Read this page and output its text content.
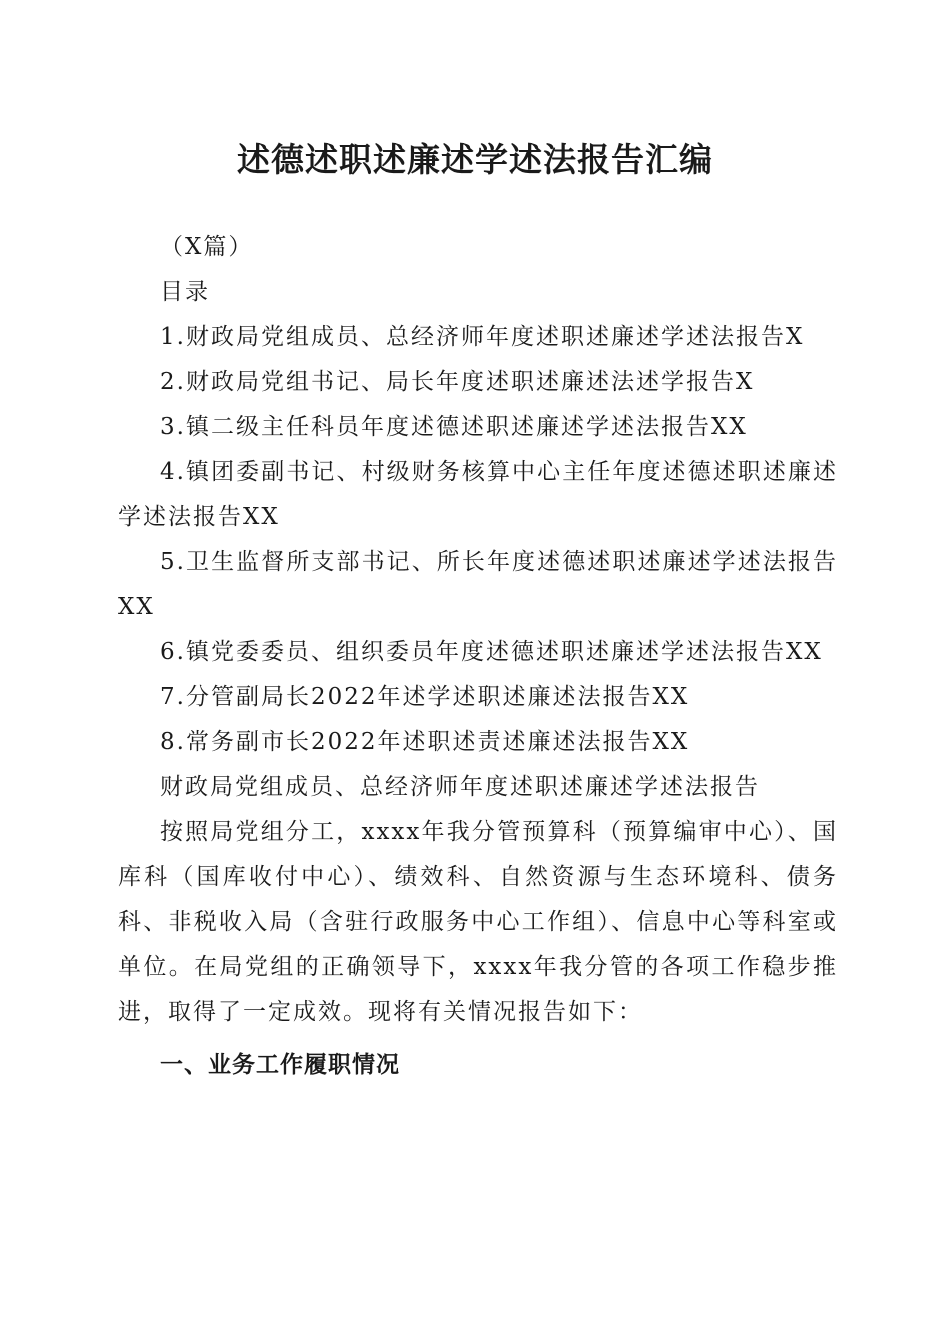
述德述职述廉述学述法报告汇编

（X篇）

目录

1.财政局党组成员、总经济师年度述职述廉述学述法报告X

2.财政局党组书记、局长年度述职述廉述法述学报告X

3.镇二级主任科员年度述德述职述廉述学述法报告XX

4.镇团委副书记、村级财务核算中心主任年度述德述职述廉述学述法报告XX

5.卫生监督所支部书记、所长年度述德述职述廉述学述法报告XX

6.镇党委委员、组织委员年度述德述职述廉述学述法报告XX

7.分管副局长2022年述学述职述廉述法报告XX

8.常务副市长2022年述职述责述廉述法报告XX

财政局党组成员、总经济师年度述职述廉述学述法报告

按照局党组分工，xxxx年我分管预算科（预算编审中心）、国库科（国库收付中心）、绩效科、自然资源与生态环境科、债务科、非税收入局（含驻行政服务中心工作组）、信息中心等科室或单位。在局党组的正确领导下，xxxx年我分管的各项工作稳步推进，取得了一定成效。现将有关情况报告如下：

一、业务工作履职情况
